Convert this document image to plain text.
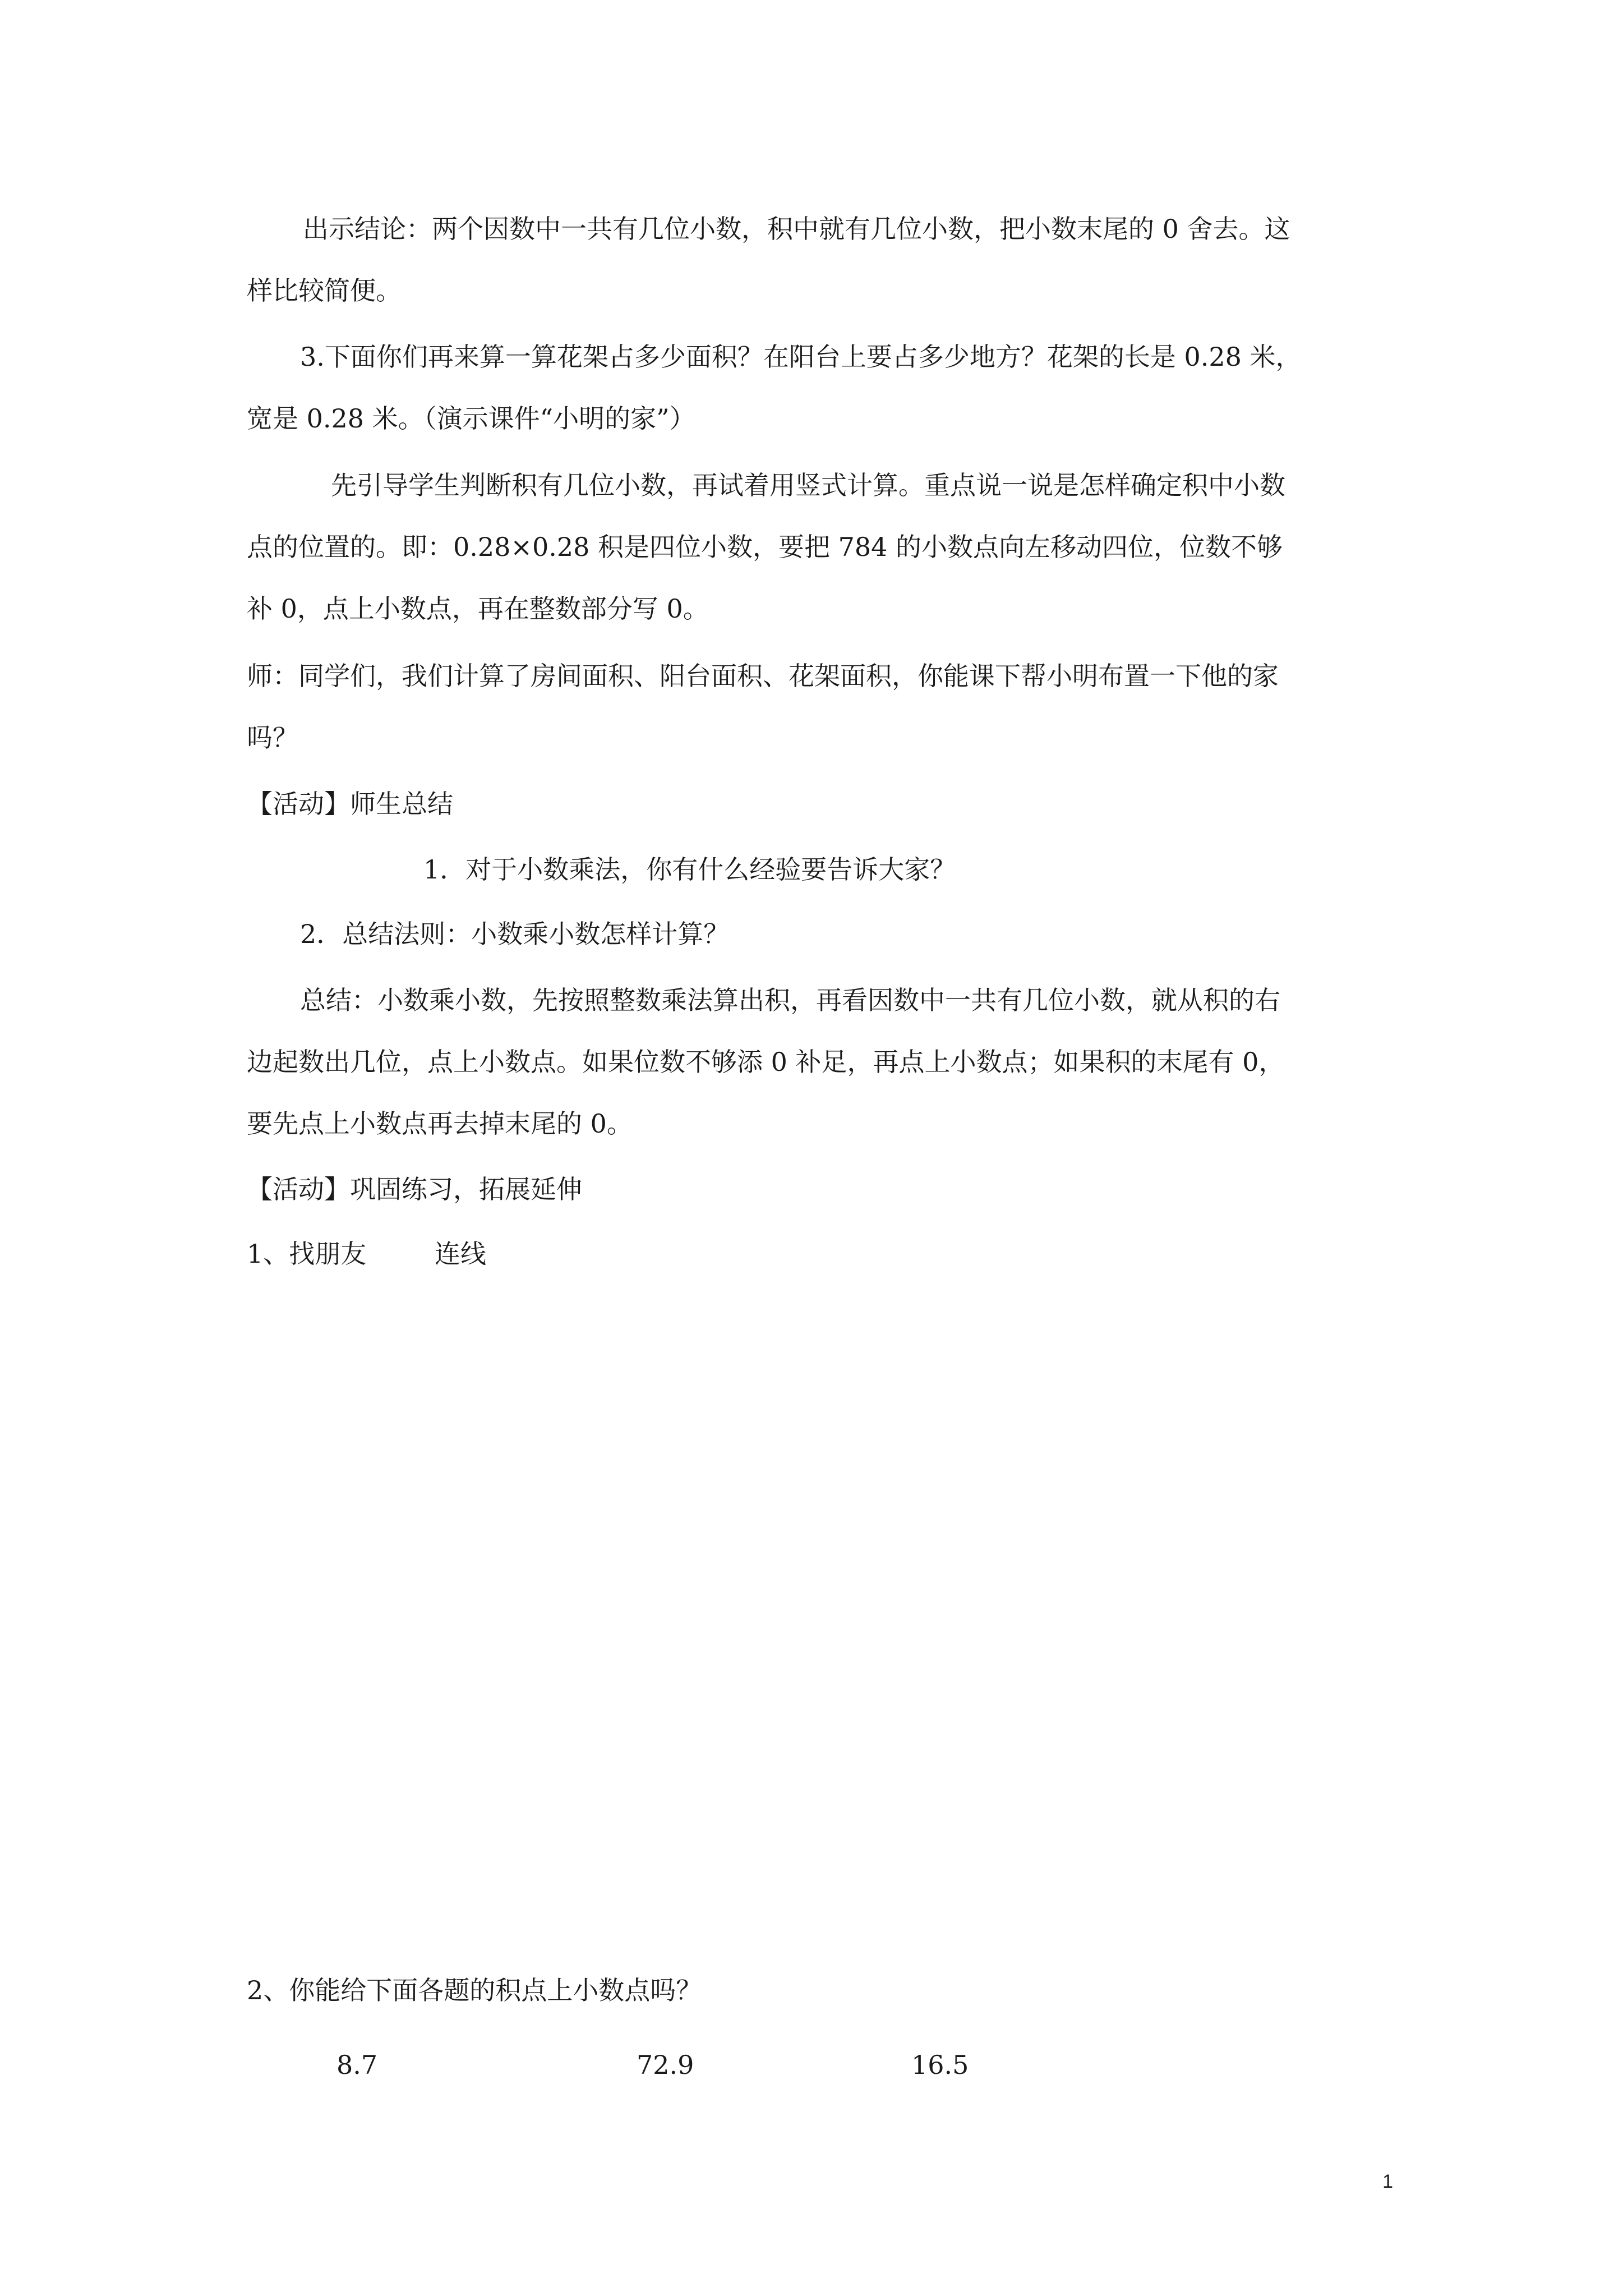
出示结论：两个因数中一共有几位小数，积中就有几位小数，把小数末尾的 0 舍去。这
样比较简便。
3.下面你们再来算一算花架占多少面积？在阳台上要占多少地方？花架的长是 0.28 米，
宽是 0.28 米。（演示课件“小明的家”）
先引导学生判断积有几位小数，再试着用竖式计算。重点说一说是怎样确定积中小数
点的位置的。即：0.28×0.28 积是四位小数，要把 784 的小数点向左移动四位，位数不够
补 0，点上小数点，再在整数部分写 0。
师：同学们，我们计算了房间面积、阳台面积、花架面积，你能课下帮小明布置一下他的家
吗？
【活动】师生总结
1．对于小数乘法，你有什么经验要告诉大家？
2．总结法则：小数乘小数怎样计算？
总结：小数乘小数，先按照整数乘法算出积，再看因数中一共有几位小数，就从积的右
边起数出几位，点上小数点。如果位数不够添 0 补足，再点上小数点；如果积的末尾有 0，
要先点上小数点再去掉末尾的 0。
【活动】巩固练习，拓展延伸
1、找朋友	连线
2、你能给下面各题的积点上小数点吗？
8.7	72.9	16.5
1
